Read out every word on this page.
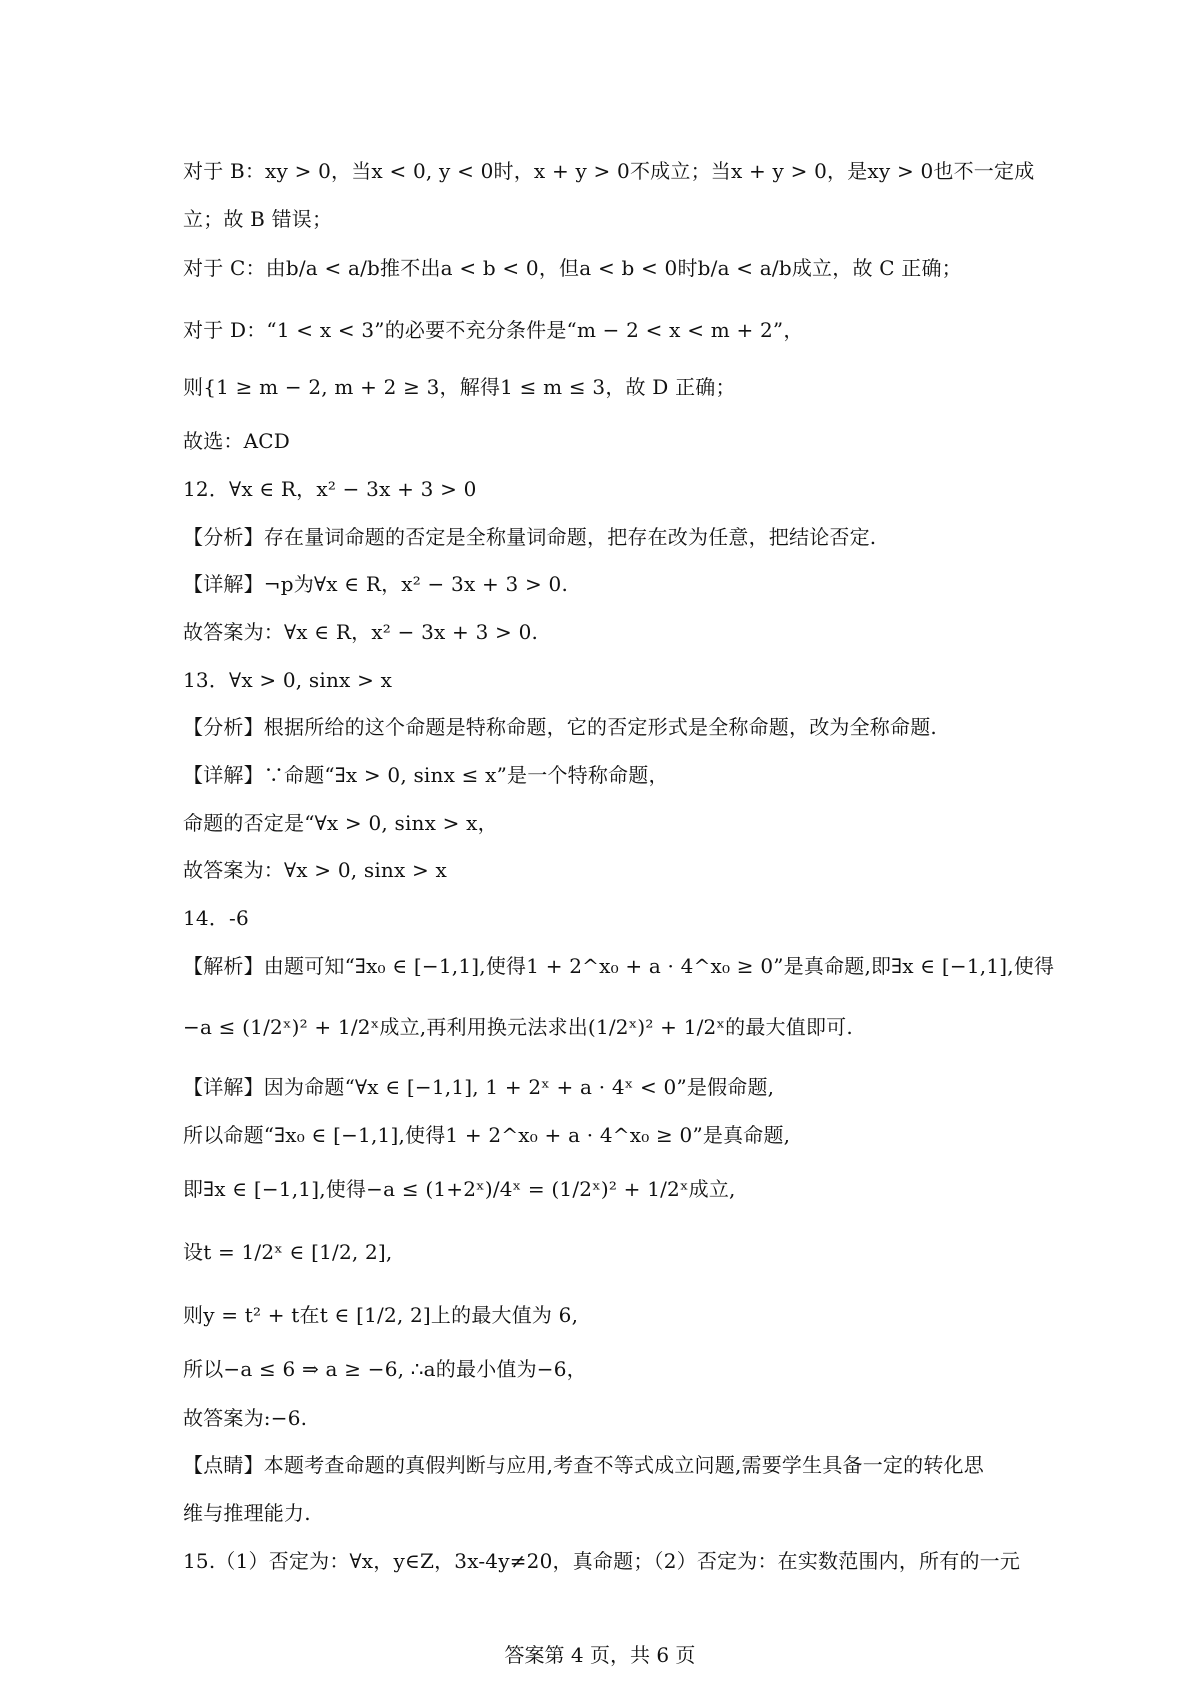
对于 B：xy > 0，当x < 0, y < 0时，x + y > 0不成立；当x + y > 0，是xy > 0也不一定成
立；故 B 错误；
对于 C：由b/a < a/b推不出a < b < 0，但a < b < 0时b/a < a/b成立，故 C 正确；
对于 D：“1 < x < 3”的必要不充分条件是“m − 2 < x < m + 2”，
则{1 ≥ m − 2, m + 2 ≥ 3，解得1 ≤ m ≤ 3，故 D 正确；
故选：ACD
12．∀x ∈ R，x² − 3x + 3 > 0
【分析】存在量词命题的否定是全称量词命题，把存在改为任意，把结论否定.
【详解】¬p为∀x ∈ R，x² − 3x + 3 > 0.
故答案为：∀x ∈ R，x² − 3x + 3 > 0.
13．∀x > 0, sinx > x
【分析】根据所给的这个命题是特称命题，它的否定形式是全称命题，改为全称命题.
【详解】∵命题“∃x > 0, sinx ≤ x”是一个特称命题，
命题的否定是“∀x > 0, sinx > x，
故答案为：∀x > 0, sinx > x
14．-6
【解析】由题可知“∃x₀ ∈ [−1,1],使得1 + 2^x₀ + a · 4^x₀ ≥ 0”是真命题,即∃x ∈ [−1,1],使得
−a ≤ (1/2ˣ)² + 1/2ˣ成立,再利用换元法求出(1/2ˣ)² + 1/2ˣ的最大值即可.
【详解】因为命题“∀x ∈ [−1,1], 1 + 2ˣ + a · 4ˣ < 0”是假命题,
所以命题“∃x₀ ∈ [−1,1],使得1 + 2^x₀ + a · 4^x₀ ≥ 0”是真命题,
即∃x ∈ [−1,1],使得−a ≤ (1+2ˣ)/4ˣ = (1/2ˣ)² + 1/2ˣ成立,
设t = 1/2ˣ ∈ [1/2, 2],
则y = t² + t在t ∈ [1/2, 2]上的最大值为 6,
所以−a ≤ 6 ⇒ a ≥ −6, ∴a的最小值为−6，
故答案为:−6.
【点睛】本题考查命题的真假判断与应用,考查不等式成立问题,需要学生具备一定的转化思
维与推理能力.
15.（1）否定为：∀x，y∈Z，3x-4y≠20，真命题；（2）否定为：在实数范围内，所有的一元
答案第 4 页，共 6 页
